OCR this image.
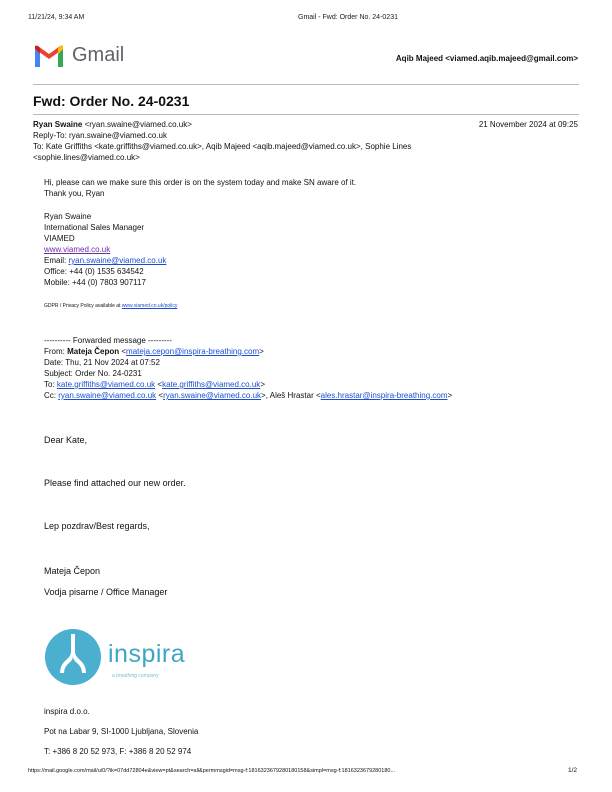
11/21/24, 9:34 AM	Gmail - Fwd: Order No. 24-0231
Gmail	Aqib Majeed <viamed.aqib.majeed@gmail.com>
Fwd: Order No. 24-0231
Ryan Swaine <ryan.swaine@viamed.co.uk>	21 November 2024 at 09:25
Reply-To: ryan.swaine@viamed.co.uk
To: Kate Griffiths <kate.griffiths@viamed.co.uk>, Aqib Majeed <aqib.majeed@viamed.co.uk>, Sophie Lines
<sophie.lines@viamed.co.uk>
Hi, please can we make sure this order is on the system today and make SN aware of it.
Thank you, Ryan
Ryan Swaine
International Sales Manager
VIAMED
www.viamed.co.uk
Email: ryan.swaine@viamed.co.uk
Office: +44 (0) 1535 634542
Mobile: +44 (0) 7803 907117
GDPR / Privacy Policy available at www.viamed.co.uk/policy
---------- Forwarded message ---------
From: Mateja Čepon <mateja.cepon@inspira-breathing.com>
Date: Thu, 21 Nov 2024 at 07:52
Subject: Order No. 24-0231
To: kate.griffiths@viamed.co.uk <kate.griffiths@viamed.co.uk>
Cc: ryan.swaine@viamed.co.uk <ryan.swaine@viamed.co.uk>, Aleš Hrastar <ales.hrastar@inspira-breathing.com>
Dear Kate,
Please find attached our new order.
Lep pozdrav/Best regards,
Mateja Čepon
Vodja pisarne / Office Manager
inspira
a breathing company
inspira d.o.o.
Pot na Labar 9, SI-1000 Ljubljana, Slovenia
T: +386 8 20 52 973, F: +386 8 20 52 974
https://mail.google.com/mail/u/0/?ik=07dd72804e&view=pt&search=all&permmsgid=msg-f:1816323679280180158&simpl=msg-f:1816323679280180...	1/2
